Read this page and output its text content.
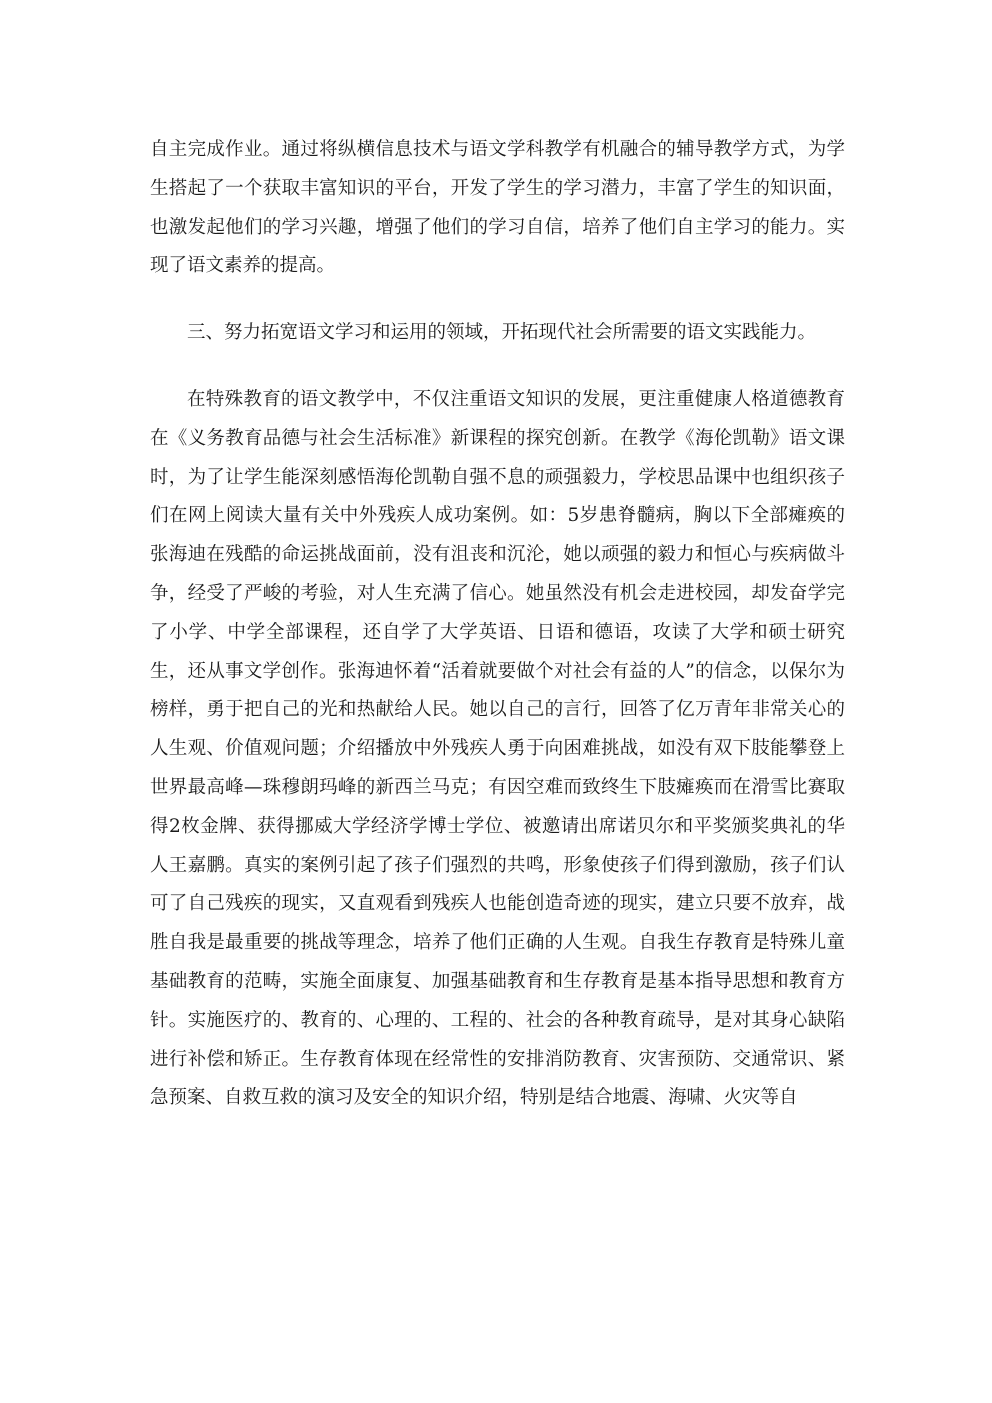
自主完成作业。通过将纵横信息技术与语文学科教学有机融合的辅导教学方式，为学生搭起了一个获取丰富知识的平台，开发了学生的学习潜力，丰富了学生的知识面，也激发起他们的学习兴趣，增强了他们的学习自信，培养了他们自主学习的能力。实现了语文素养的提高。

三、努力拓宽语文学习和运用的领域，开拓现代社会所需要的语文实践能力。

在特殊教育的语文教学中，不仅注重语文知识的发展，更注重健康人格道德教育在《义务教育品德与社会生活标准》新课程的探究创新。在教学《海伦凯勒》语文课时，为了让学生能深刻感悟海伦凯勒自强不息的顽强毅力，学校思品课中也组织孩子们在网上阅读大量有关中外残疾人成功案例。如：5岁患脊髓病，胸以下全部瘫痪的张海迪在残酷的命运挑战面前，没有沮丧和沉沦，她以顽强的毅力和恒心与疾病做斗争，经受了严峻的考验，对人生充满了信心。她虽然没有机会走进校园，却发奋学完了小学、中学全部课程，还自学了大学英语、日语和德语，攻读了大学和硕士研究生，还从事文学创作。张海迪怀着“活着就要做个对社会有益的人”的信念，以保尔为榜样，勇于把自己的光和热献给人民。她以自己的言行，回答了亿万青年非常关心的人生观、价值观问题；介绍播放中外残疾人勇于向困难挑战，如没有双下肢能攀登上世界最高峰—珠穆朗玛峰的新西兰马克；有因空难而致终生下肢瘫痪而在滑雪比赛取得2枚金牌、获得挪威大学经济学博士学位、被邀请出席诺贝尔和平奖颁奖典礼的华人王嘉鹏。真实的案例引起了孩子们强烈的共鸣，形象使孩子们得到激励，孩子们认可了自己残疾的现实，又直观看到残疾人也能创造奇迹的现实，建立只要不放弃，战胜自我是最重要的挑战等理念，培养了他们正确的人生观。自我生存教育是特殊儿童基础教育的范畴，实施全面康复、加强基础教育和生存教育是基本指导思想和教育方针。实施医疗的、教育的、心理的、工程的、社会的各种教育疏导，是对其身心缺陷进行补偿和矫正。生存教育体现在经常性的安排消防教育、灾害预防、交通常识、紧急预案、自救互救的演习及安全的知识介绍，特别是结合地震、海啸、火灾等自
